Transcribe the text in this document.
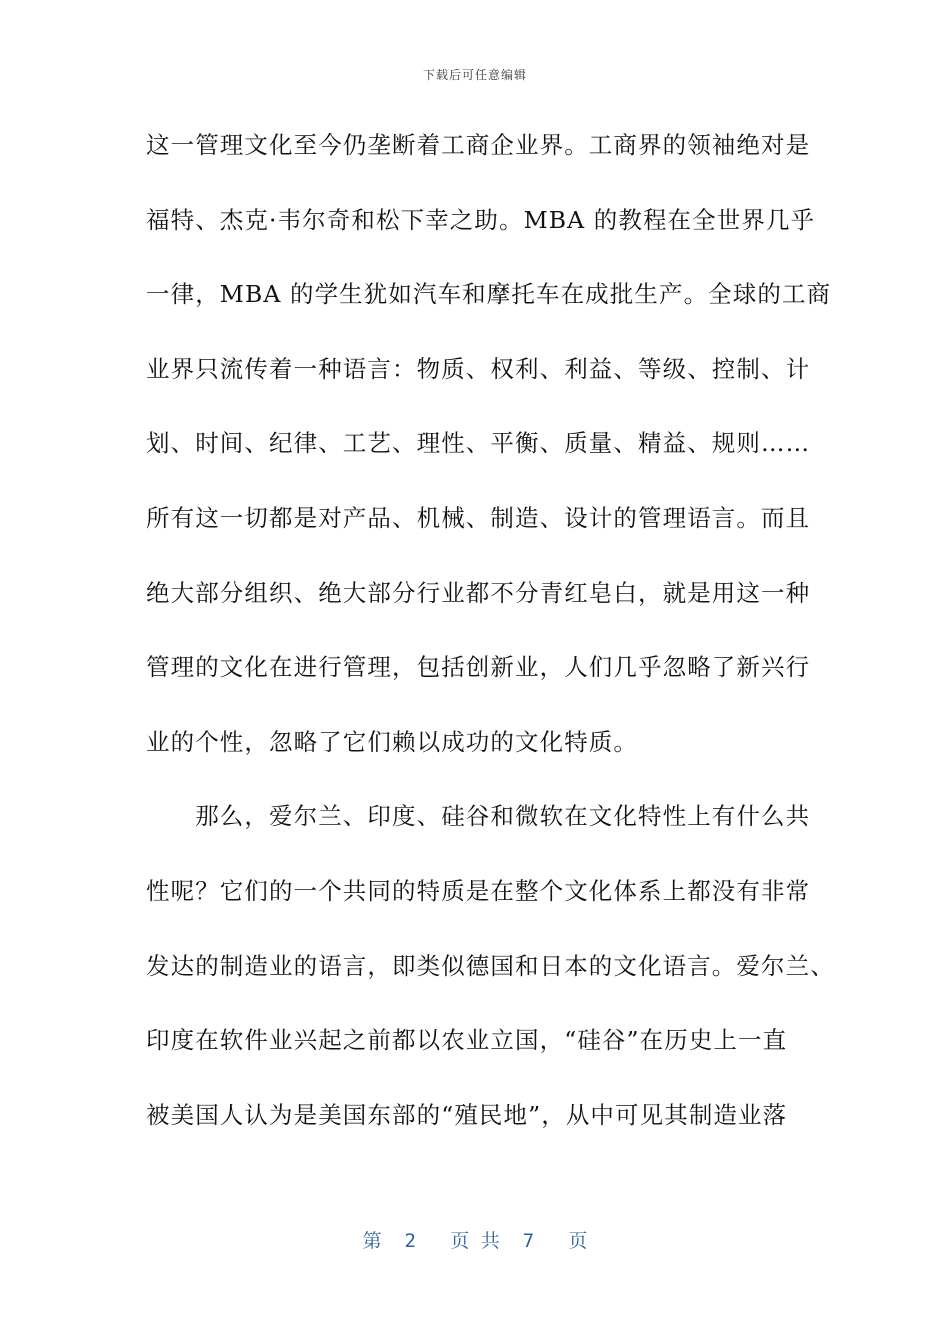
下载后可任意编辑
这一管理文化至今仍垄断着工商企业界。工商界的领袖绝对是
福特、杰克·韦尔奇和松下幸之助。MBA 的教程在全世界几乎
一律，MBA 的学生犹如汽车和摩托车在成批生产。全球的工商
业界只流传着一种语言：物质、权利、利益、等级、控制、计
划、时间、纪律、工艺、理性、平衡、质量、精益、规则……
所有这一切都是对产品、机械、制造、设计的管理语言。而且
绝大部分组织、绝大部分行业都不分青红皂白，就是用这一种
管理的文化在进行管理，包括创新业，人们几乎忽略了新兴行
业的个性，忽略了它们赖以成功的文化特质。
　　那么，爱尔兰、印度、硅谷和微软在文化特性上有什么共
性呢？它们的一个共同的特质是在整个文化体系上都没有非常
发达的制造业的语言，即类似德国和日本的文化语言。爱尔兰、
印度在软件业兴起之前都以农业立国，“硅谷”在历史上一直
被美国人认为是美国东部的“殖民地”，从中可见其制造业落
第  2   页 共  7   页
